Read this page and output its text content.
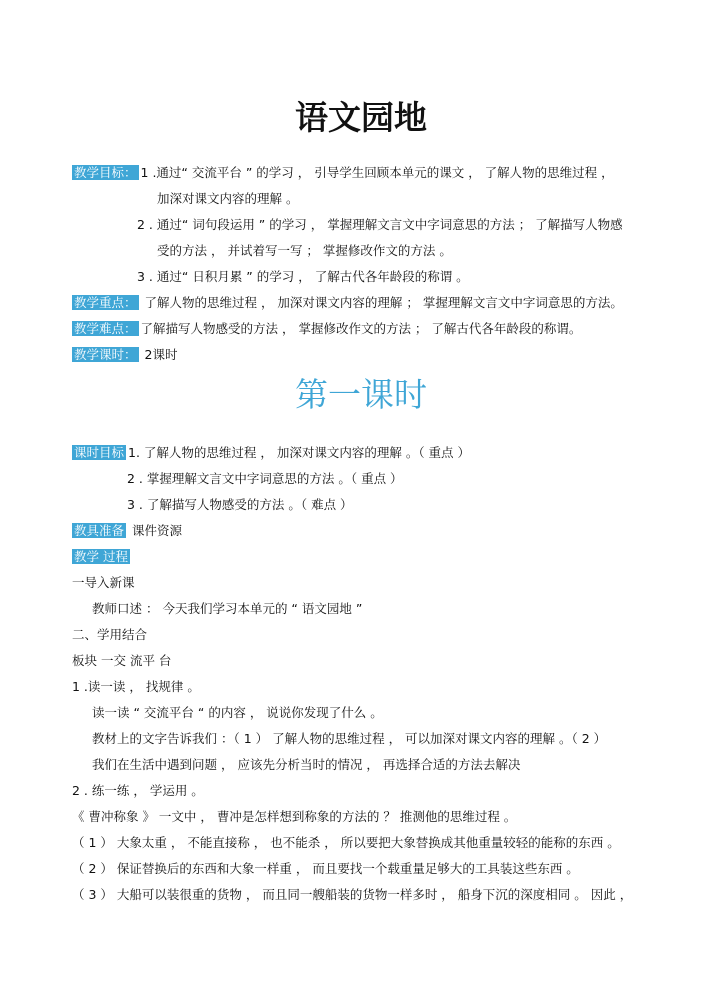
语文园地
教学目标： 1 .通过“ 交流平台 ” 的学习 ， 引导学生回顾本单元的课文 ， 了解人物的思维过程 ，
加深对课文内容的理解 。
2 . 通过“ 词句段运用 ” 的学习 ， 掌握理解文言文中字词意思的方法 ； 了解描写人物感
受的方法 ， 并试着写一写 ； 掌握修改作文的方法 。
3 . 通过“ 日积月累 ” 的学习 ， 了解古代各年龄段的称谓 。
教学重点： 了解人物的思维过程 ， 加深对课文内容的理解 ； 掌握理解文言文中字词意思的方法。
教学难点： 了解描写人物感受的方法 ， 掌握修改作文的方法 ； 了解古代各年龄段的称谓。
教学课时： 2课时
第一课时
课时目标 1. 了解人物的思维过程 ， 加深对课文内容的理解 。（ 重点 ）
2 . 掌握理解文言文中字词意思的方法 。（ 重点 ）
3 . 了解描写人物感受的方法 。（ 难点 ）
教具准备 课件资源
教学 过程
一导入新课
教师口述 ： 今天我们学习本单元的 “ 语文园地 ”
二、学用结合
板块 一交 流平 台
1 .读一读 ， 找规律 。
读一读 “ 交流平台 “ 的内容 ， 说说你发现了什么 。
教材上的文字告诉我们 ：（ 1 ） 了解人物的思维过程 ， 可以加深对课文内容的理解 。（ 2 ）
我们在生活中遇到问题 ， 应该先分析当时的情况 ， 再选择合适的方法去解决
2 . 练一练 ， 学运用 。
《 曹冲称象 》 一文中 ， 曹冲是怎样想到称象的方法的 ？ 推测他的思维过程 。
（ 1 ） 大象太重 ， 不能直接称 ， 也不能杀 ， 所以要把大象替换成其他重量较轻的能称的东西 。
（ 2 ） 保证替换后的东西和大象一样重 ， 而且要找一个载重量足够大的工具装这些东西 。
（ 3 ） 大船可以装很重的货物 ， 而且同一艘船装的货物一样多时 ， 船身下沉的深度相同 。 因此 ，
